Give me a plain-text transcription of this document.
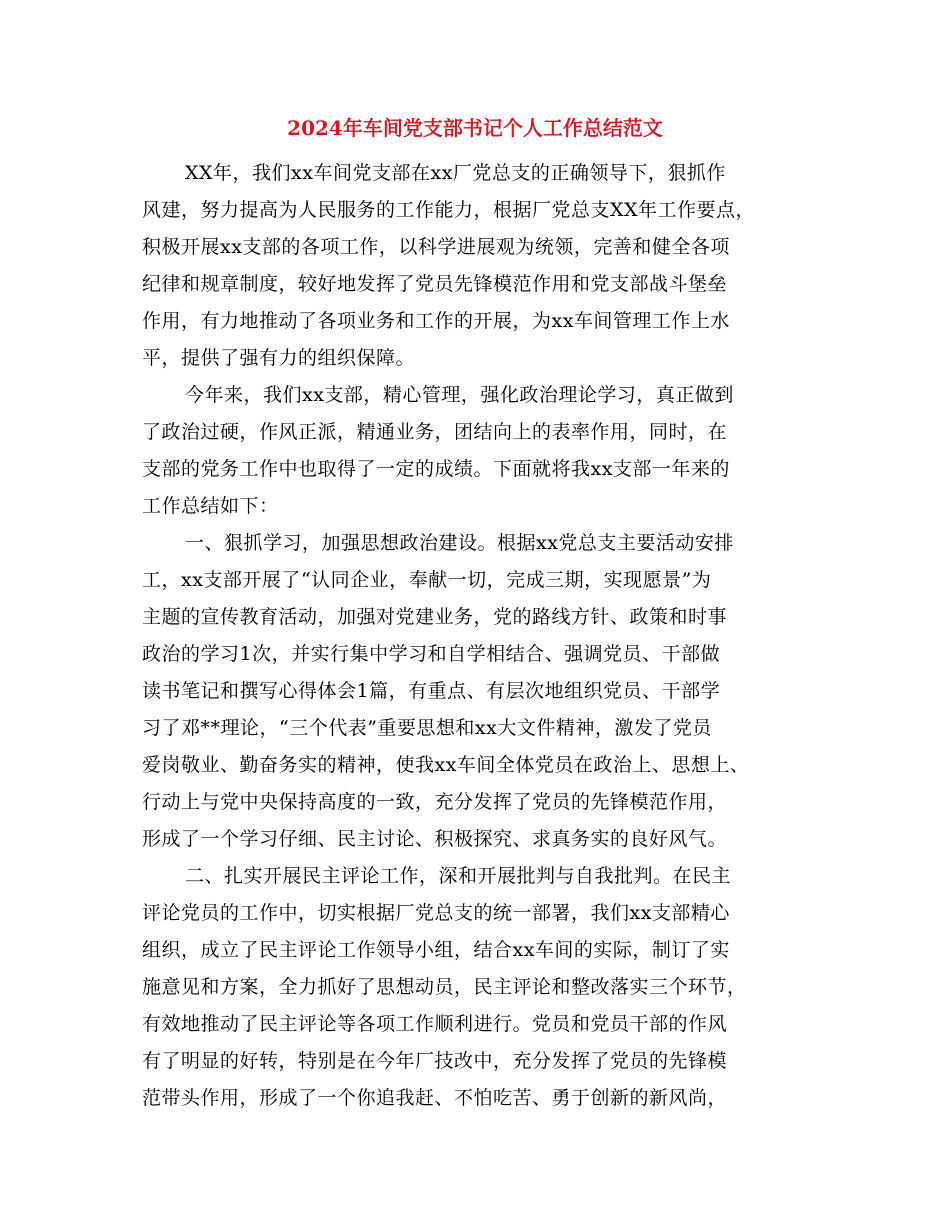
2024年车间党支部书记个人工作总结范文
XX年，我们xx车间党支部在xx厂党总支的正确领导下，狠抓作
风建，努力提高为人民服务的工作能力，根据厂党总支XX年工作要点，
积极开展xx支部的各项工作，以科学进展观为统领，完善和健全各项
纪律和规章制度，较好地发挥了党员先锋模范作用和党支部战斗堡垒
作用，有力地推动了各项业务和工作的开展，为xx车间管理工作上水
平，提供了强有力的组织保障。
今年来，我们xx支部，精心管理，强化政治理论学习，真正做到
了政治过硬，作风正派，精通业务，团结向上的表率作用，同时，在
支部的党务工作中也取得了一定的成绩。下面就将我xx支部一年来的
工作总结如下：
一、狠抓学习，加强思想政治建设。根据xx党总支主要活动安排
工，xx支部开展了“认同企业，奉献一切，完成三期，实现愿景”为
主题的宣传教育活动，加强对党建业务，党的路线方针、政策和时事
政治的学习1次，并实行集中学习和自学相结合、强调党员、干部做
读书笔记和撰写心得体会1篇，有重点、有层次地组织党员、干部学
习了邓**理论，“三个代表”重要思想和xx大文件精神，激发了党员
爱岗敬业、勤奋务实的精神，使我xx车间全体党员在政治上、思想上、
行动上与党中央保持高度的一致，充分发挥了党员的先锋模范作用，
形成了一个学习仔细、民主讨论、积极探究、求真务实的良好风气。
二、扎实开展民主评论工作，深和开展批判与自我批判。在民主
评论党员的工作中，切实根据厂党总支的统一部署，我们xx支部精心
组织，成立了民主评论工作领导小组，结合xx车间的实际，制订了实
施意见和方案，全力抓好了思想动员，民主评论和整改落实三个环节，
有效地推动了民主评论等各项工作顺利进行。党员和党员干部的作风
有了明显的好转，特别是在今年厂技改中，充分发挥了党员的先锋模
范带头作用，形成了一个你追我赶、不怕吃苦、勇于创新的新风尚，
